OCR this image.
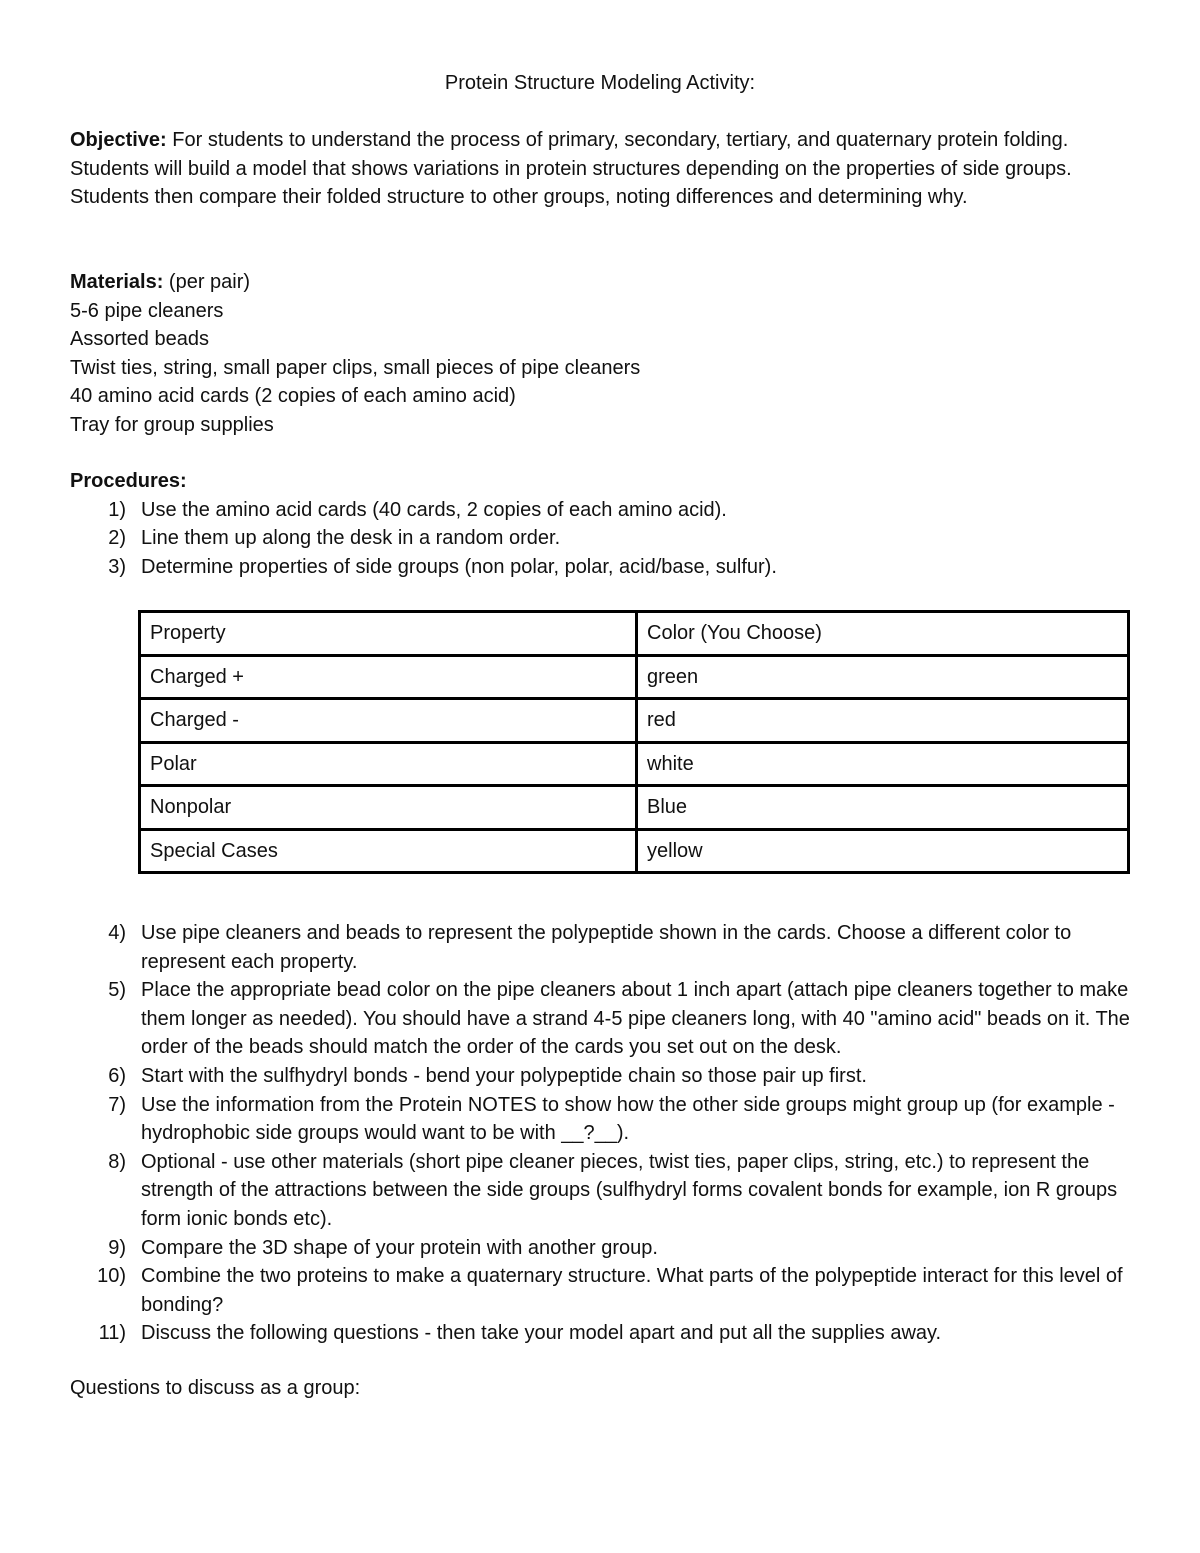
Protein Structure Modeling Activity:

Objective: For students to understand the process of primary, secondary, tertiary, and quaternary protein folding. Students will build a model that shows variations in protein structures depending on the properties of side groups. Students then compare their folded structure to other groups, noting differences and determining why.

Materials: (per pair)

5-6 pipe cleaners

Assorted beads

Twist ties, string, small paper clips, small pieces of pipe cleaners

40 amino acid cards (2 copies of each amino acid)

Tray for group supplies

Procedures:

1) Use the amino acid cards (40 cards, 2 copies of each amino acid).
2) Line them up along the desk in a random order.
3) Determine properties of side groups (non polar, polar, acid/base, sulfur).
Property	Color (You Choose)
Charged +	green
Charged -	red
Polar	white
Nonpolar	Blue
Special Cases	yellow
4) Use pipe cleaners and beads to represent the polypeptide shown in the cards. Choose a different color to represent each property.
5) Place the appropriate bead color on the pipe cleaners about 1 inch apart (attach pipe cleaners together to make them longer as needed). You should have a strand 4-5 pipe cleaners long, with 40 "amino acid" beads on it. The order of the beads should match the order of the cards you set out on the desk.
6) Start with the sulfhydryl bonds - bend your polypeptide chain so those pair up first.
7) Use the information from the Protein NOTES to show how the other side groups might group up (for example - hydrophobic side groups would want to be with __?__).
8) Optional - use other materials (short pipe cleaner pieces, twist ties, paper clips, string, etc.) to represent the strength of the attractions between the side groups (sulfhydryl forms covalent bonds for example, ion R groups form ionic bonds etc).
9) Compare the 3D shape of your protein with another group.
10) Combine the two proteins to make a quaternary structure. What parts of the polypeptide interact for this level of bonding?
11) Discuss the following questions - then take your model apart and put all the supplies away.

Questions to discuss as a group:
